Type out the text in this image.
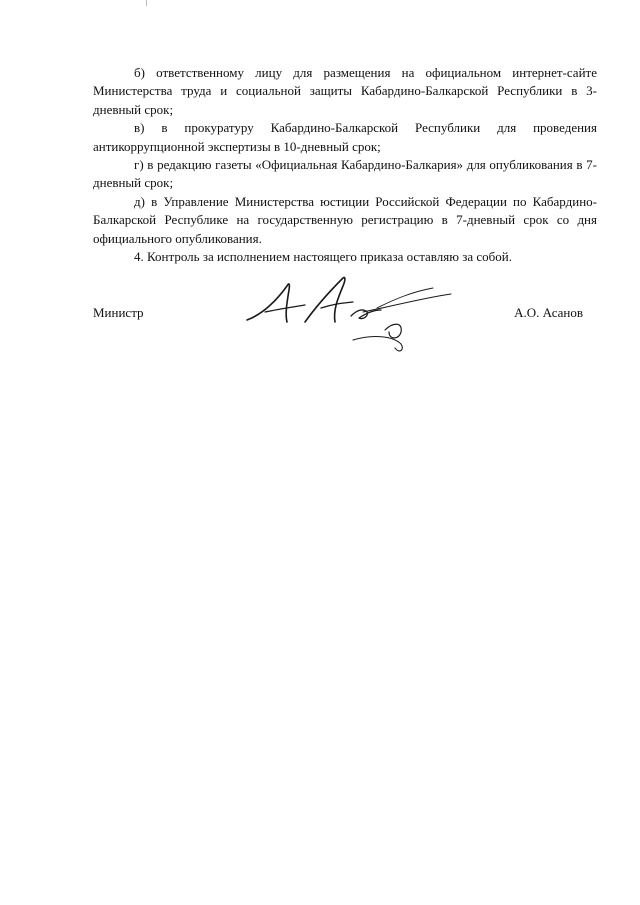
б) ответственному лицу для размещения на официальном интернет-сайте Министерства труда и социальной защиты Кабардино-Балкарской Республики в 3-дневный срок;

в) в прокуратуру Кабардино-Балкарской Республики для проведения антикоррупционной экспертизы в 10-дневный срок;

г) в редакцию газеты «Официальная Кабардино-Балкария» для опубликования в 7-дневный срок;

д) в Управление Министерства юстиции Российской Федерации по Кабардино-Балкарской Республике на государственную регистрацию в 7-дневный срок со дня официального опубликования.

4. Контроль за исполнением настоящего приказа оставляю за собой.

Министр	А.О. Асанов
